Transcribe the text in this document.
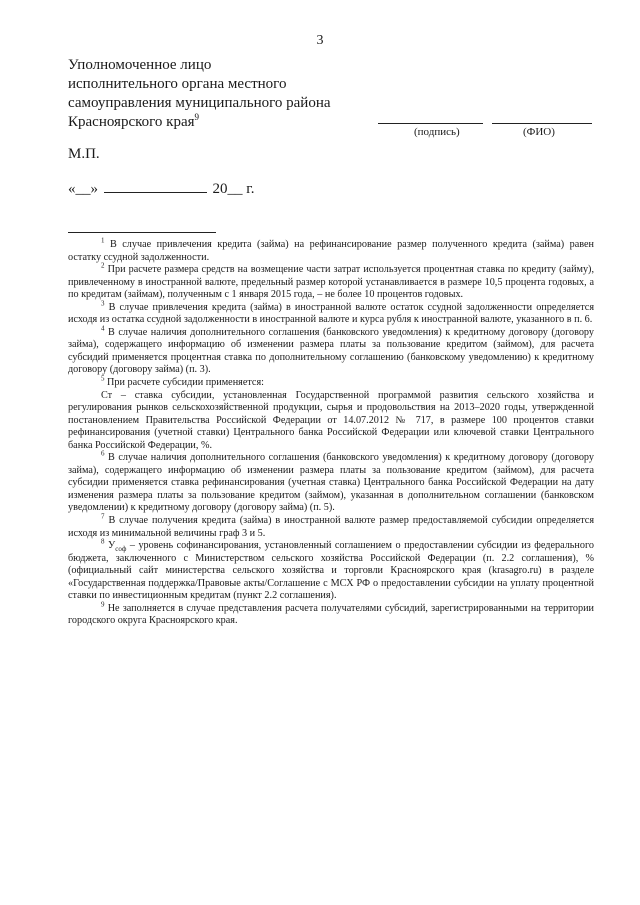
3
Уполномоченное лицо
исполнительного органа местного
самоуправления муниципального района
Красноярского края$^9$
(подпись)	(ФИО)
М.П.
«__»	20__ г.

$^1$ В случае привлечения кредита (займа) на рефинансирование размер полученного кредита (займа) равен остатку ссудной задолженности.

$^2$ При расчете размера средств на возмещение части затрат используется процентная ставка по кредиту (займу), привлеченному в иностранной валюте, предельный размер которой устанавливается в размере 10,5 процента годовых, а по кредитам (займам), полученным с 1 января 2015 года, – не более 10 процентов годовых.

$^3$ В случае привлечения кредита (займа) в иностранной валюте остаток ссудной задолженности определяется исходя из остатка ссудной задолженности в иностранной валюте и курса рубля к иностранной валюте, указанного в п. 6.

$^4$ В случае наличия дополнительного соглашения (банковского уведомления) к кредитному договору (договору займа), содержащего информацию об изменении размера платы за пользование кредитом (займом), для расчета субсидий применяется процентная ставка по дополнительному соглашению (банковскому уведомлению) к кредитному договору (договору займа) (п. 3).

$^5$ При расчете субсидии применяется:

Ст – ставка субсидии, установленная Государственной программой развития сельского хозяйства и регулирования рынков сельскохозяйственной продукции, сырья и продовольствия на 2013–2020 годы, утвержденной постановлением Правительства Российской Федерации от 14.07.2012 № 717, в размере 100 процентов ставки рефинансирования (учетной ставки) Центрального банка Российской Федерации или ключевой ставки Центрального банка Российской Федерации, %.

$^6$ В случае наличия дополнительного соглашения (банковского уведомления) к кредитному договору (договору займа), содержащего информацию об изменении размера платы за пользование кредитом (займом), для расчета субсидии применяется ставка рефинансирования (учетная ставка) Центрального банка Российской Федерации на дату изменения размера платы за пользование кредитом (займом), указанная в дополнительном соглашении (банковском уведомлении) к кредитному договору (договору займа) (п. 5).

$^7$ В случае получения кредита (займа) в иностранной валюте размер предоставляемой субсидии определяется исходя из минимальной величины граф 3 и 5.

$^8$ $У_{соф}$ – уровень софинансирования, установленный соглашением о предоставлении субсидии из федерального бюджета, заключенного с Министерством сельского хозяйства Российской Федерации (п. 2.2 соглашения), % (официальный сайт министерства сельского хозяйства и торговли Красноярского края (krasagro.ru) в разделе «Государственная поддержка/Правовые акты/Соглашение с МСХ РФ о предоставлении субсидии на уплату процентной ставки по инвестиционным кредитам (пункт 2.2 соглашения).

$^9$ Не заполняется в случае представления расчета получателями субсидий, зарегистрированными на территории городского округа Красноярского края.
